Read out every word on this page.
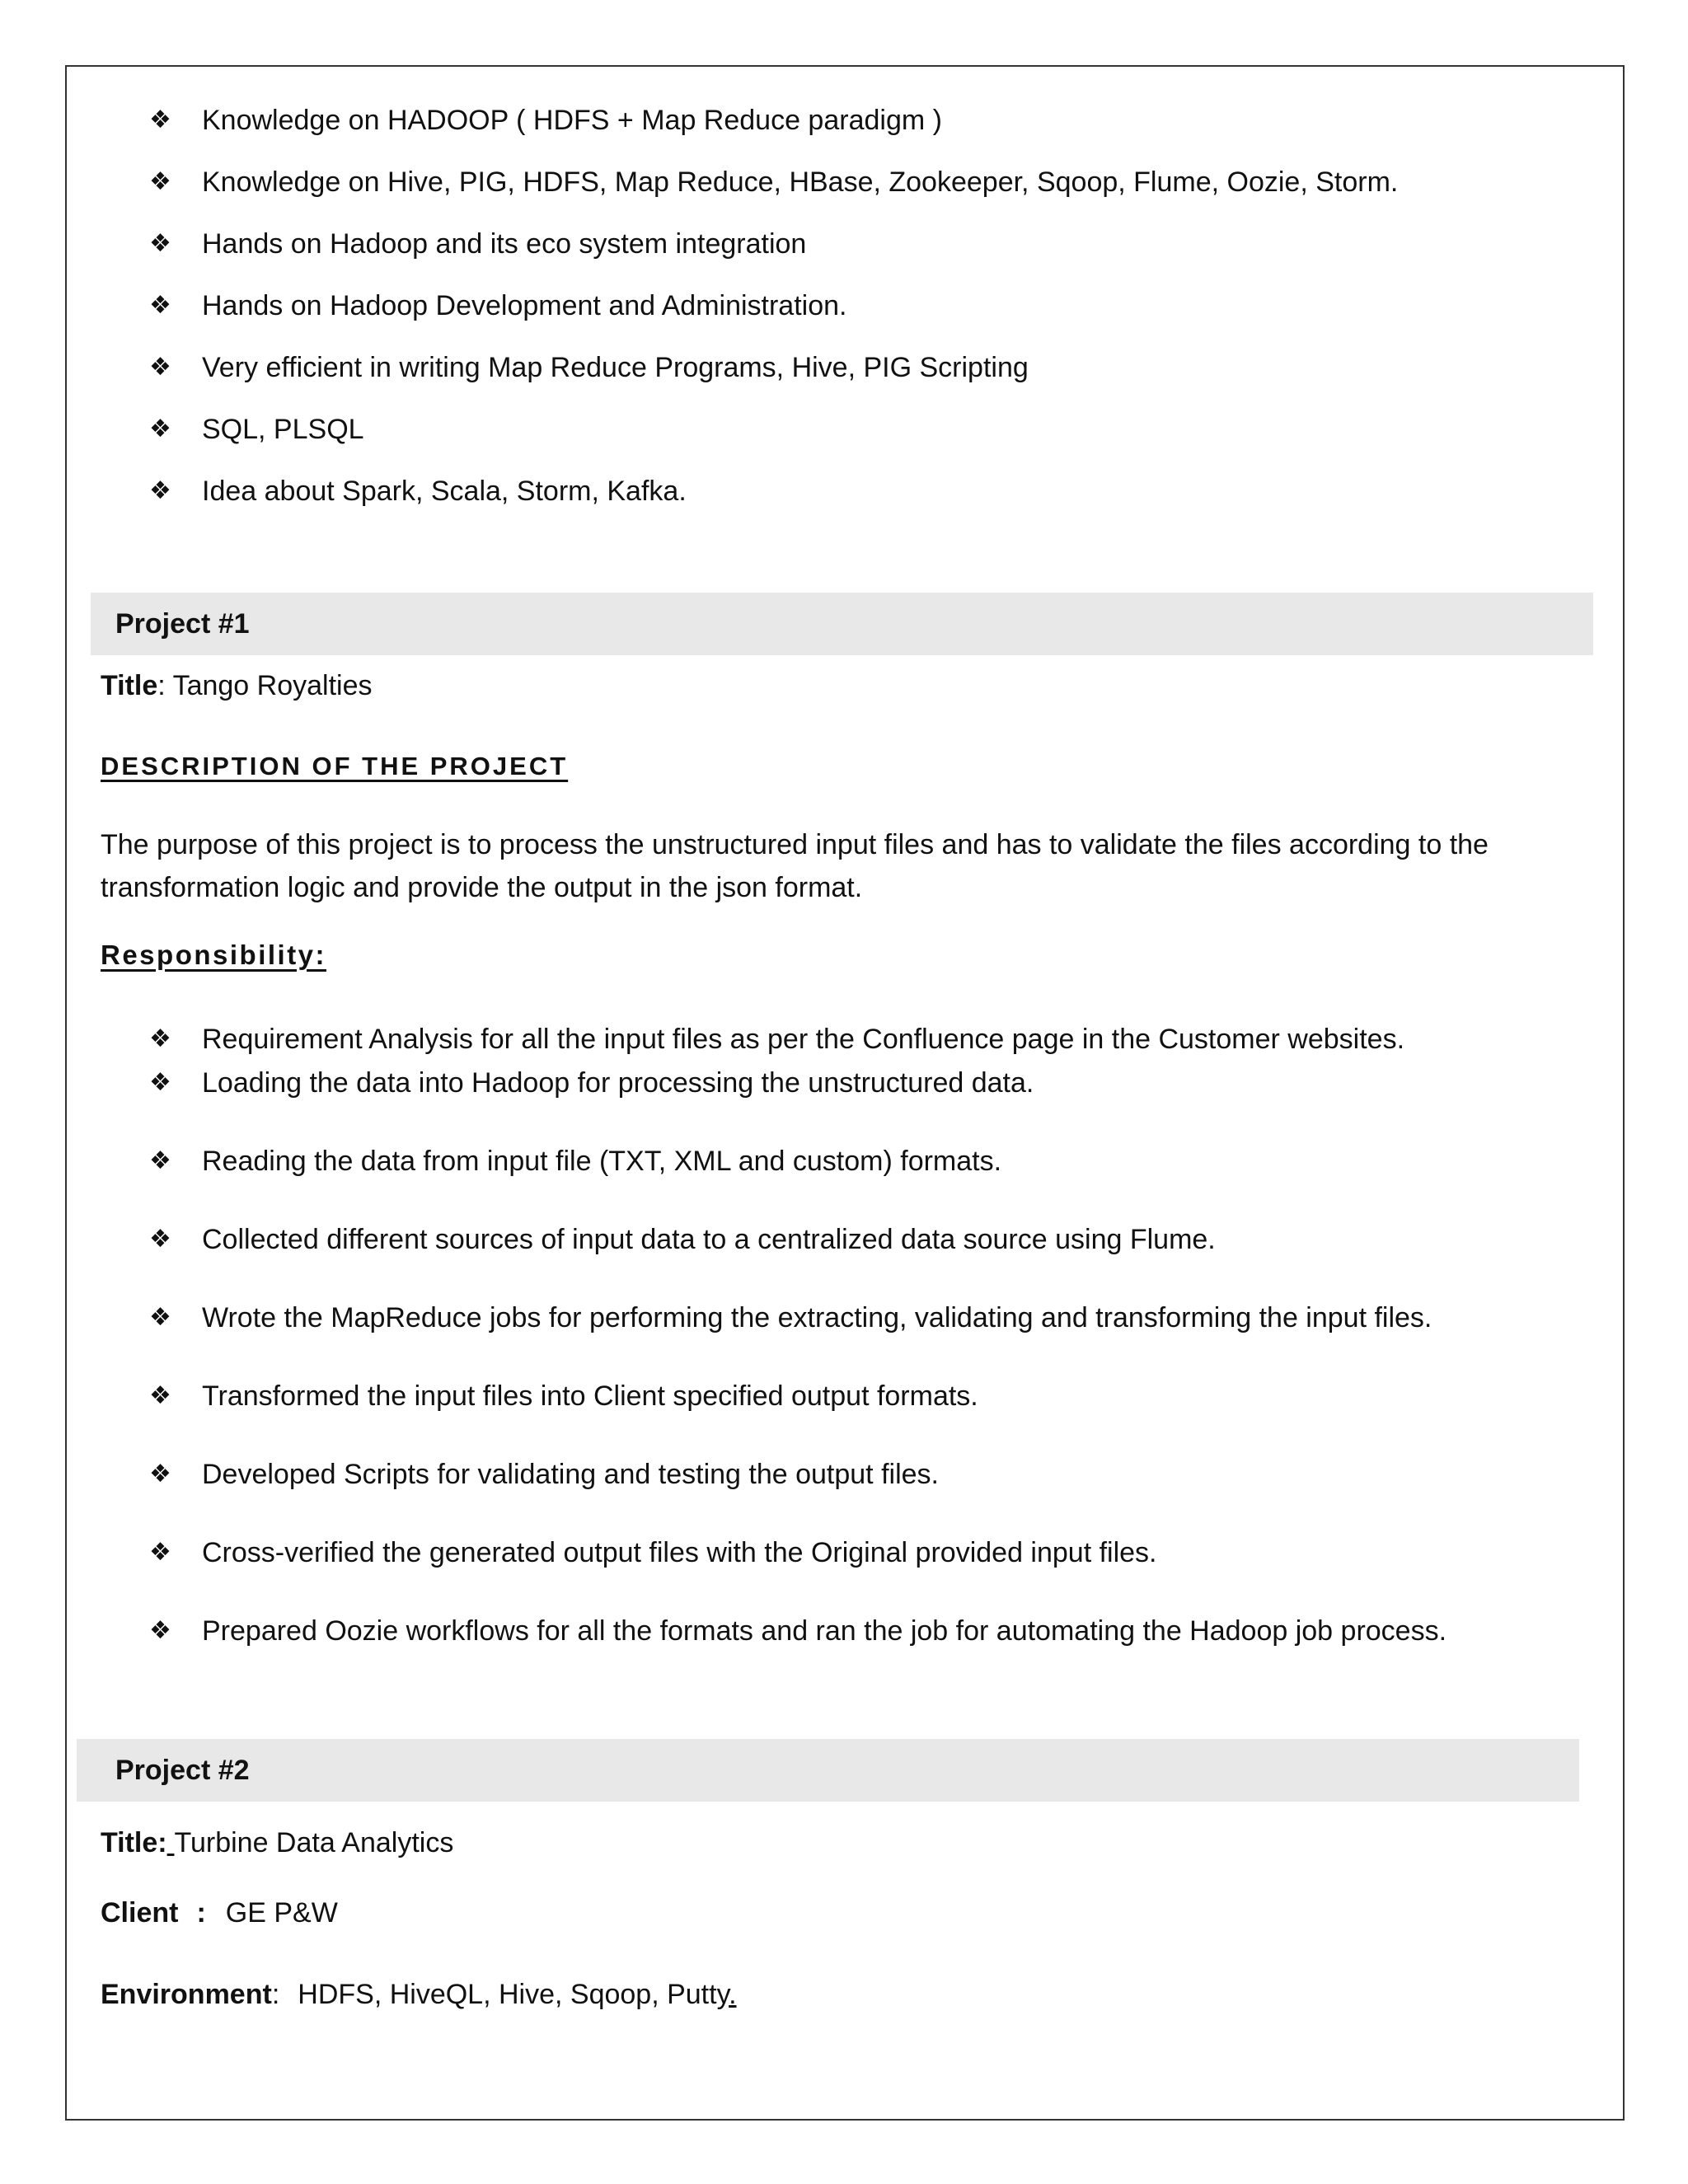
❖ Knowledge on HADOOP ( HDFS + Map Reduce paradigm )
❖ Knowledge on Hive, PIG, HDFS, Map Reduce, HBase, Zookeeper, Sqoop, Flume, Oozie, Storm.
❖ Hands on Hadoop and its eco system integration
❖ Hands on Hadoop Development and Administration.
❖ Very efficient in writing Map Reduce Programs, Hive, PIG Scripting
❖ SQL, PLSQL
❖ Idea about Spark, Scala, Storm, Kafka.
Project #1
Title: Tango Royalties
DESCRIPTION OF THE PROJECT
The purpose of this project is to process the unstructured input files and has to validate the files according to the transformation logic and provide the output in the json format.
Responsibility:
❖ Requirement Analysis for all the input files as per the Confluence page in the Customer websites.
❖ Loading the data into Hadoop for processing the unstructured data.
❖ Reading the data from input file (TXT, XML and custom) formats.
❖ Collected different sources of input data to a centralized data source using Flume.
❖ Wrote the MapReduce jobs for performing the extracting, validating and transforming the input files.
❖ Transformed the input files into Client specified output formats.
❖ Developed Scripts for validating and testing the output files.
❖ Cross-verified the generated output files with the Original provided input files.
❖ Prepared Oozie workflows for all the formats and ran the job for automating the Hadoop job process.
Project #2
Title: Turbine Data Analytics
Client : GE P&W
Environment: HDFS, HiveQL, Hive, Sqoop, Putty.
